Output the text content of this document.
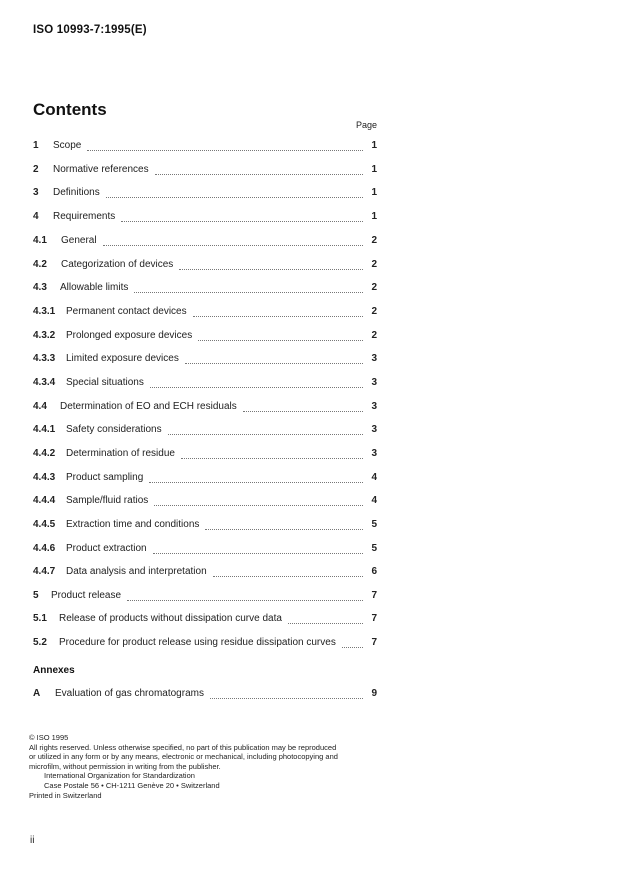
ISO 10993-7:1995(E)
Contents
Page
1	Scope	1
2	Normative references	1
3	Definitions	1
4	Requirements	1
4.1	General	2
4.2	Categorization of devices	2
4.3	Allowable limits	2
4.3.1	Permanent contact devices	2
4.3.2	Prolonged exposure devices	2
4.3.3	Limited exposure devices	3
4.3.4	Special situations	3
4.4	Determination of EO and ECH residuals	3
4.4.1	Safety considerations	3
4.4.2	Determination of residue	3
4.4.3	Product sampling	4
4.4.4	Sample/fluid ratios	4
4.4.5	Extraction time and conditions	5
4.4.6	Product extraction	5
4.4.7	Data analysis and interpretation	6
5	Product release	7
5.1	Release of products without dissipation curve data	7
5.2	Procedure for product release using residue dissipation curves	7
Annexes
A	Evaluation of gas chromatograms	9
© ISO 1995
All rights reserved. Unless otherwise specified, no part of this publication may be reproduced
or utilized in any form or by any means, electronic or mechanical, including photocopying and
microfilm, without permission in writing from the publisher.
International Organization for Standardization
Case Postale 56 • CH-1211 Genève 20 • Switzerland
Printed in Switzerland
ii
